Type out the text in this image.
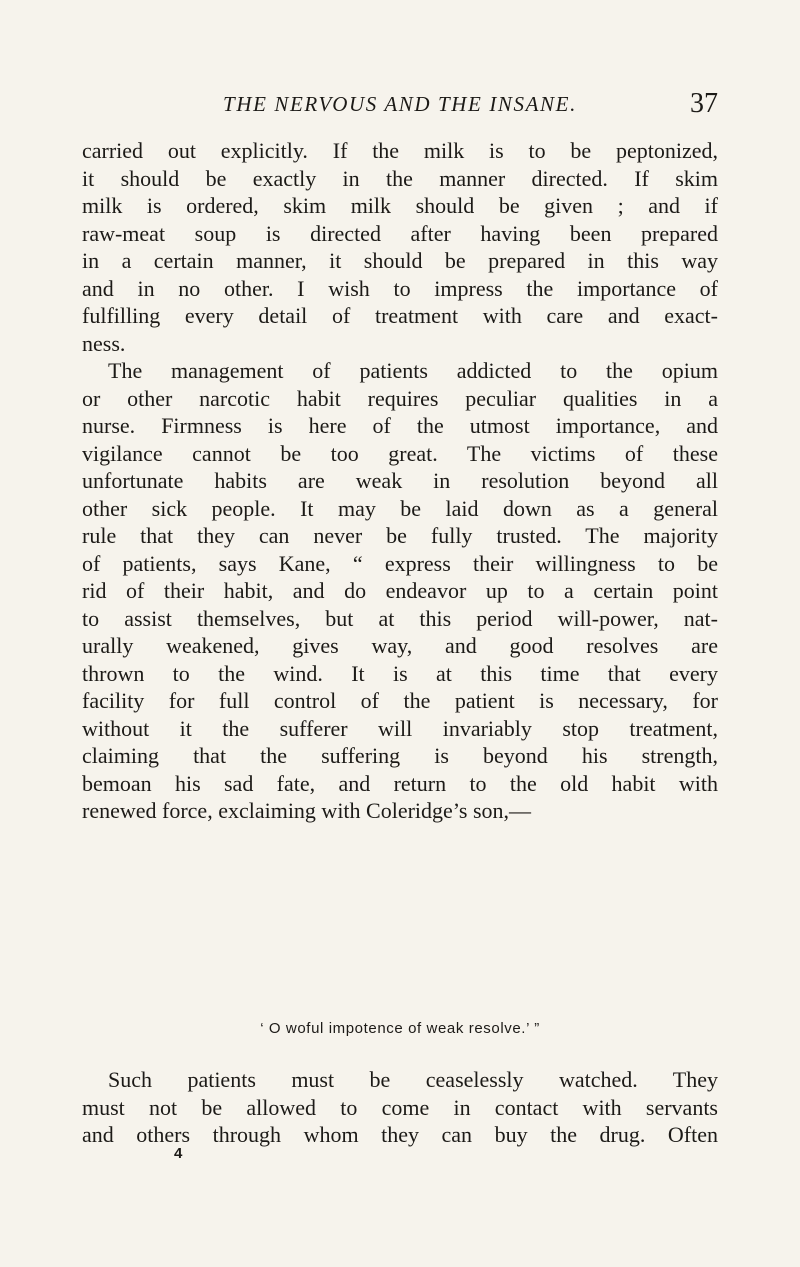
THE NERVOUS AND THE INSANE.	37
carried out explicitly. If the milk is to be peptonized,
it should be exactly in the manner directed. If skim
milk is ordered, skim milk should be given ; and if
raw-meat soup is directed after having been prepared
in a certain manner, it should be prepared in this way
and in no other. I wish to impress the importance of
fulfilling every detail of treatment with care and exact-
ness.
The management of patients addicted to the opium
or other narcotic habit requires peculiar qualities in a
nurse. Firmness is here of the utmost importance, and
vigilance cannot be too great. The victims of these
unfortunate habits are weak in resolution beyond all
other sick people. It may be laid down as a general
rule that they can never be fully trusted. The majority
of patients, says Kane, “ express their willingness to be
rid of their habit, and do endeavor up to a certain point
to assist themselves, but at this period will-power, nat-
urally weakened, gives way, and good resolves are
thrown to the wind. It is at this time that every
facility for full control of the patient is necessary, for
without it the sufferer will invariably stop treatment,
claiming that the suffering is beyond his strength,
bemoan his sad fate, and return to the old habit with
renewed force, exclaiming with Coleridge’s son,—
‘ O woful impotence of weak resolve.’ ”
Such patients must be ceaselessly watched. They
must not be allowed to come in contact with servants
and others through whom they can buy the drug. Often
4
